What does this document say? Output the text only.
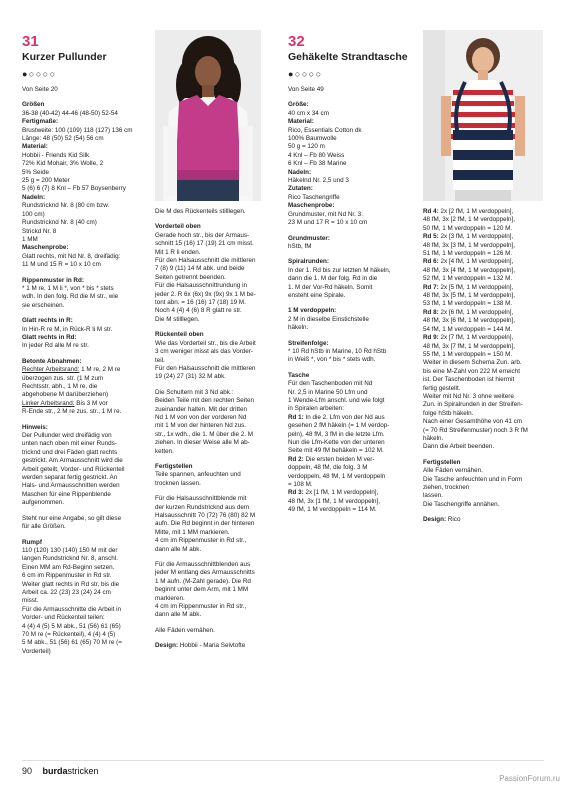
31
Kurzer Pullunder
●○○○○
Von Seite 20

Größen

36-38 (40-42) 44-46 (48-50) 52-54

Fertigmaße:

Brustweite: 100 (109) 118 (127) 136 cm

Länge: 48 (50) 52 (54) 56 cm

Material:

Hobbii - Friends Kid Silk

72% Kid Mohair, 3% Wolle, 2

5% Seide

25 g = 200 Meter

5 (6) 6 (7) 8 Knl – Fb 57 Boysenberry

Nadeln:

Rundstricknd Nr. 8 (80 cm bzw.

100 cm)

Rundstricknd Nr. 8 (40 cm)

Strickd Nr. 8

1 MM

Maschenprobe:

Glatt rechts, mit Nd Nr. 8, dreifädig:

11 M und 15 R = 10 x 10 cm

Rippenmuster in Rd:

* 1 M re, 1 M li *, von * bis * stets

wdh. In den folg. Rd die M str., wie

sie erscheinen.

Glatt rechts in R:

In Hin-R re M, in Rück-R li M str.

Glatt rechts in Rd:

In jeder Rd alle M re str.

Betonte Abnahmen:

Rechter Arbeitsrand: 1 M re, 2 M re

überzogen zus. str. (1 M zum

Rechtsstr. abh., 1 M re, die

abgehobene M darüberziehen)

Linker Arbeitsrand: Bis 3 M vor

R-Ende str., 2 M re zus. str., 1 M re.

Hinweis:

Der Pullunder wird dreifädig von

unten nach oben mit einer Runds-

tricknd und drei Fäden glatt rechts

gestrickt. Am Armausschnitt wird die

Arbeit geteilt, Vorder- und Rückenteil

werden separat fertig gestrickt. An

Hals- und Armausschnitten werden

Maschen für eine Rippenblende

aufgenommen.

Steht nur eine Angabe, so gilt diese

für alle Größen.

Rumpf

110 (120) 130 (140) 150 M mit der

langen Rundstricknd Nr. 8, anschl.

Einen MM am Rd-Beginn setzen.

6 cm im Rippenmuster in Rd str.

Weiter glatt rechts in Rd str. bis die

Arbeit ca. 22 (23) 23 (24) 24 cm

misst.

Für die Armausschnitte die Arbeit in

Vorder- und Rückenteil teilen:

4 (4) 4 (5) 5 M abk., 51 (56) 61 (65)

70 M re (= Rückenteil), 4 (4) 4 (5)

5 M abk., 51 (56) 61 (65) 70 M re (=

Vorderteil)

Die M des Rückenteils stilllegen.

Vorderteil oben

Gerade hoch str., bis der Armaus-

schnitt 15 (16) 17 (19) 21 cm misst.

Mit 1 R li enden.

Für den Halsausschnitt die mittleren

7 (8) 9 (11) 14 M abk. und beide

Seiten getrennt beenden.

Für die Halsausschnittrundung in

jeder 2. R 6x (6x) 9x (9x) 9x 1 M be-

tont abn. = 16 (16) 17 (18) 19 M.

Noch 4 (4) 4 (6) 8 R glatt re str.

Die M stilllegen.

Rückenteil oben

Wie das Vorderteil str., bis die Arbeit

3 cm weniger misst als das Vorder-

teil.

Für den Halsausschnitt die mittleren

19 (24) 27 (31) 32 M abk.

Die Schultern mit 3 Nd abk.:

Beiden Teile mit den rechten Seiten

zueinander halten. Mit der dritten

Nd 1 M von von der vorderen Nd

mit 1 M von der hinteren Nd zus.

str., 1x wdh., die 1. M über die 2. M

ziehen. In dieser Weise alle M ab-

ketten.

Fertigstellen

Teile spannen, anfeuchten und

trocknen lassen.

Für die Halsausschnittblende mit

der kurzen Rundstricknd aus dem

Halsausschnitt 70 (72) 76 (80) 82 M

aufn. Die Rd beginnt in der hinteren

Mitte, mit 1 MM markieren.

4 cm im Rippenmuster in Rd str.,

dann alle M abk.

Für die Armausschnittblenden aus

jeder M entlang des Armausschnitts

1 M aufn. (M-Zahl gerade). Die Rd

beginnt unter dem Arm, mit 1 MM

markieren.

4 cm im Rippenmuster in Rd str.,

dann alle M abk.

Alle Fäden vernähen.

Design: Hobbii - Maria Selvtofte

32
Gehäkelte Strandtasche
●○○○○
Von Seite 49

Größe:

40 cm x 34 cm

Material:

Rico, Essentials Cotton dk

100% Baumwolle

50 g = 120 m

4 Knl – Fb 80 Weiss

6 Knl – Fb 38 Marine

Nadeln:

Häkelnd Nr. 2,5 und 3

Zutaten:

Rico Taschengriffe

Maschenprobe:

Grundmuster, mit Nd Nr. 3:

23 M und 17 R = 10 x 10 cm

Grundmuster:

hStb, fM

Spiralrunden:

In der 1. Rd bis zur letzten M häkeln,

dann die 1. M der folg. Rd in die

1. M der Vor-Rd häkeln. Somit

ensteht eine Spirale.

1 M verdoppeln:

2 M in dieselbe Einstichstelle

häkeln.

Streifenfolge:

* 10 Rd hStb in Marine, 10 Rd hStb

in Weiß *, von * bis * stets wdh.

Tasche

Für den Taschenboden mit Nd

Nr. 2,5 in Marine 50 Lfm und

1 Wende-Lfm anschl. und wie folgt

in Spiralen arbeiten:

Rd 1: In die 2. Lfm von der Nd aus

gesehen 2 fM häkeln (= 1 M verdop-

peln), 48 fM, 3 fM in die letzte Lfm.

Nun die Lfm-Kette von der unteren

Seite mit 49 fM behäkeln = 102 M.

Rd 2: Die ersten beiden M ver-

doppeln, 48 fM, die folg. 3 M

verdoppeln, 48 fM, 1 M verdoppeln

= 108 M.

Rd 3: 2x [1 fM, 1 M verdoppeln],

48 fM, 3x [1 fM, 1 M verdoppeln],

49 fM, 1 M verdoppeln = 114 M.

Rd 4: 2x [2 fM, 1 M verdoppeln],

48 fM, 3x [2 fM, 1 M verdoppeln],

50 fM, 1 M verdoppeln = 120 M.

Rd 5: 2x [3 fM, 1 M verdoppeln],

48 fM, 3x [3 fM, 1 M verdoppeln],

51 fM, 1 M verdoppeln = 126 M.

Rd 6: 2x [4 fM, 1 M verdoppeln],

48 fM, 3x [4 fM, 1 M verdoppeln],

52 fM, 1 M verdoppeln = 132 M.

Rd 7: 2x [5 fM, 1 M verdoppeln],

48 fM, 3x [5 fM, 1 M verdoppeln],

53 fM, 1 M verdoppeln = 138 M.

Rd 8: 2x [6 fM, 1 M verdoppeln],

48 fM, 3x [6 fM, 1 M verdoppeln],

54 fM, 1 M verdoppeln = 144 M.

Rd 9: 2x [7 fM, 1 M verdoppeln],

48 fM, 3x [7 fM, 1 M verdoppeln],

55 fM, 1 M verdoppeln = 150 M.

Weiter in diesem Schema Zun. arb.

bis eine M-Zahl von 222 M erreicht

ist. Der Taschenboden ist hiermit

fertig gestellt.

Weiter mit Nd Nr. 3 ohne weitere

Zun. in Spiralrunden in der Streifen-

folge hStb häkeln.

Nach einer Gesamthöhe von 41 cm

(= 70 Rd Streifenmuster) noch 3 R fM

häkeln.

Dann die Arbeit beenden.

Fertigstellen

Alle Fäden vernähen.

Die Tasche anfeuchten und in Form

ziehen, trocknen

lassen.

Die Taschengriffe annähen.

Design: Rico

90 burdastricken
PassionForum.ru
